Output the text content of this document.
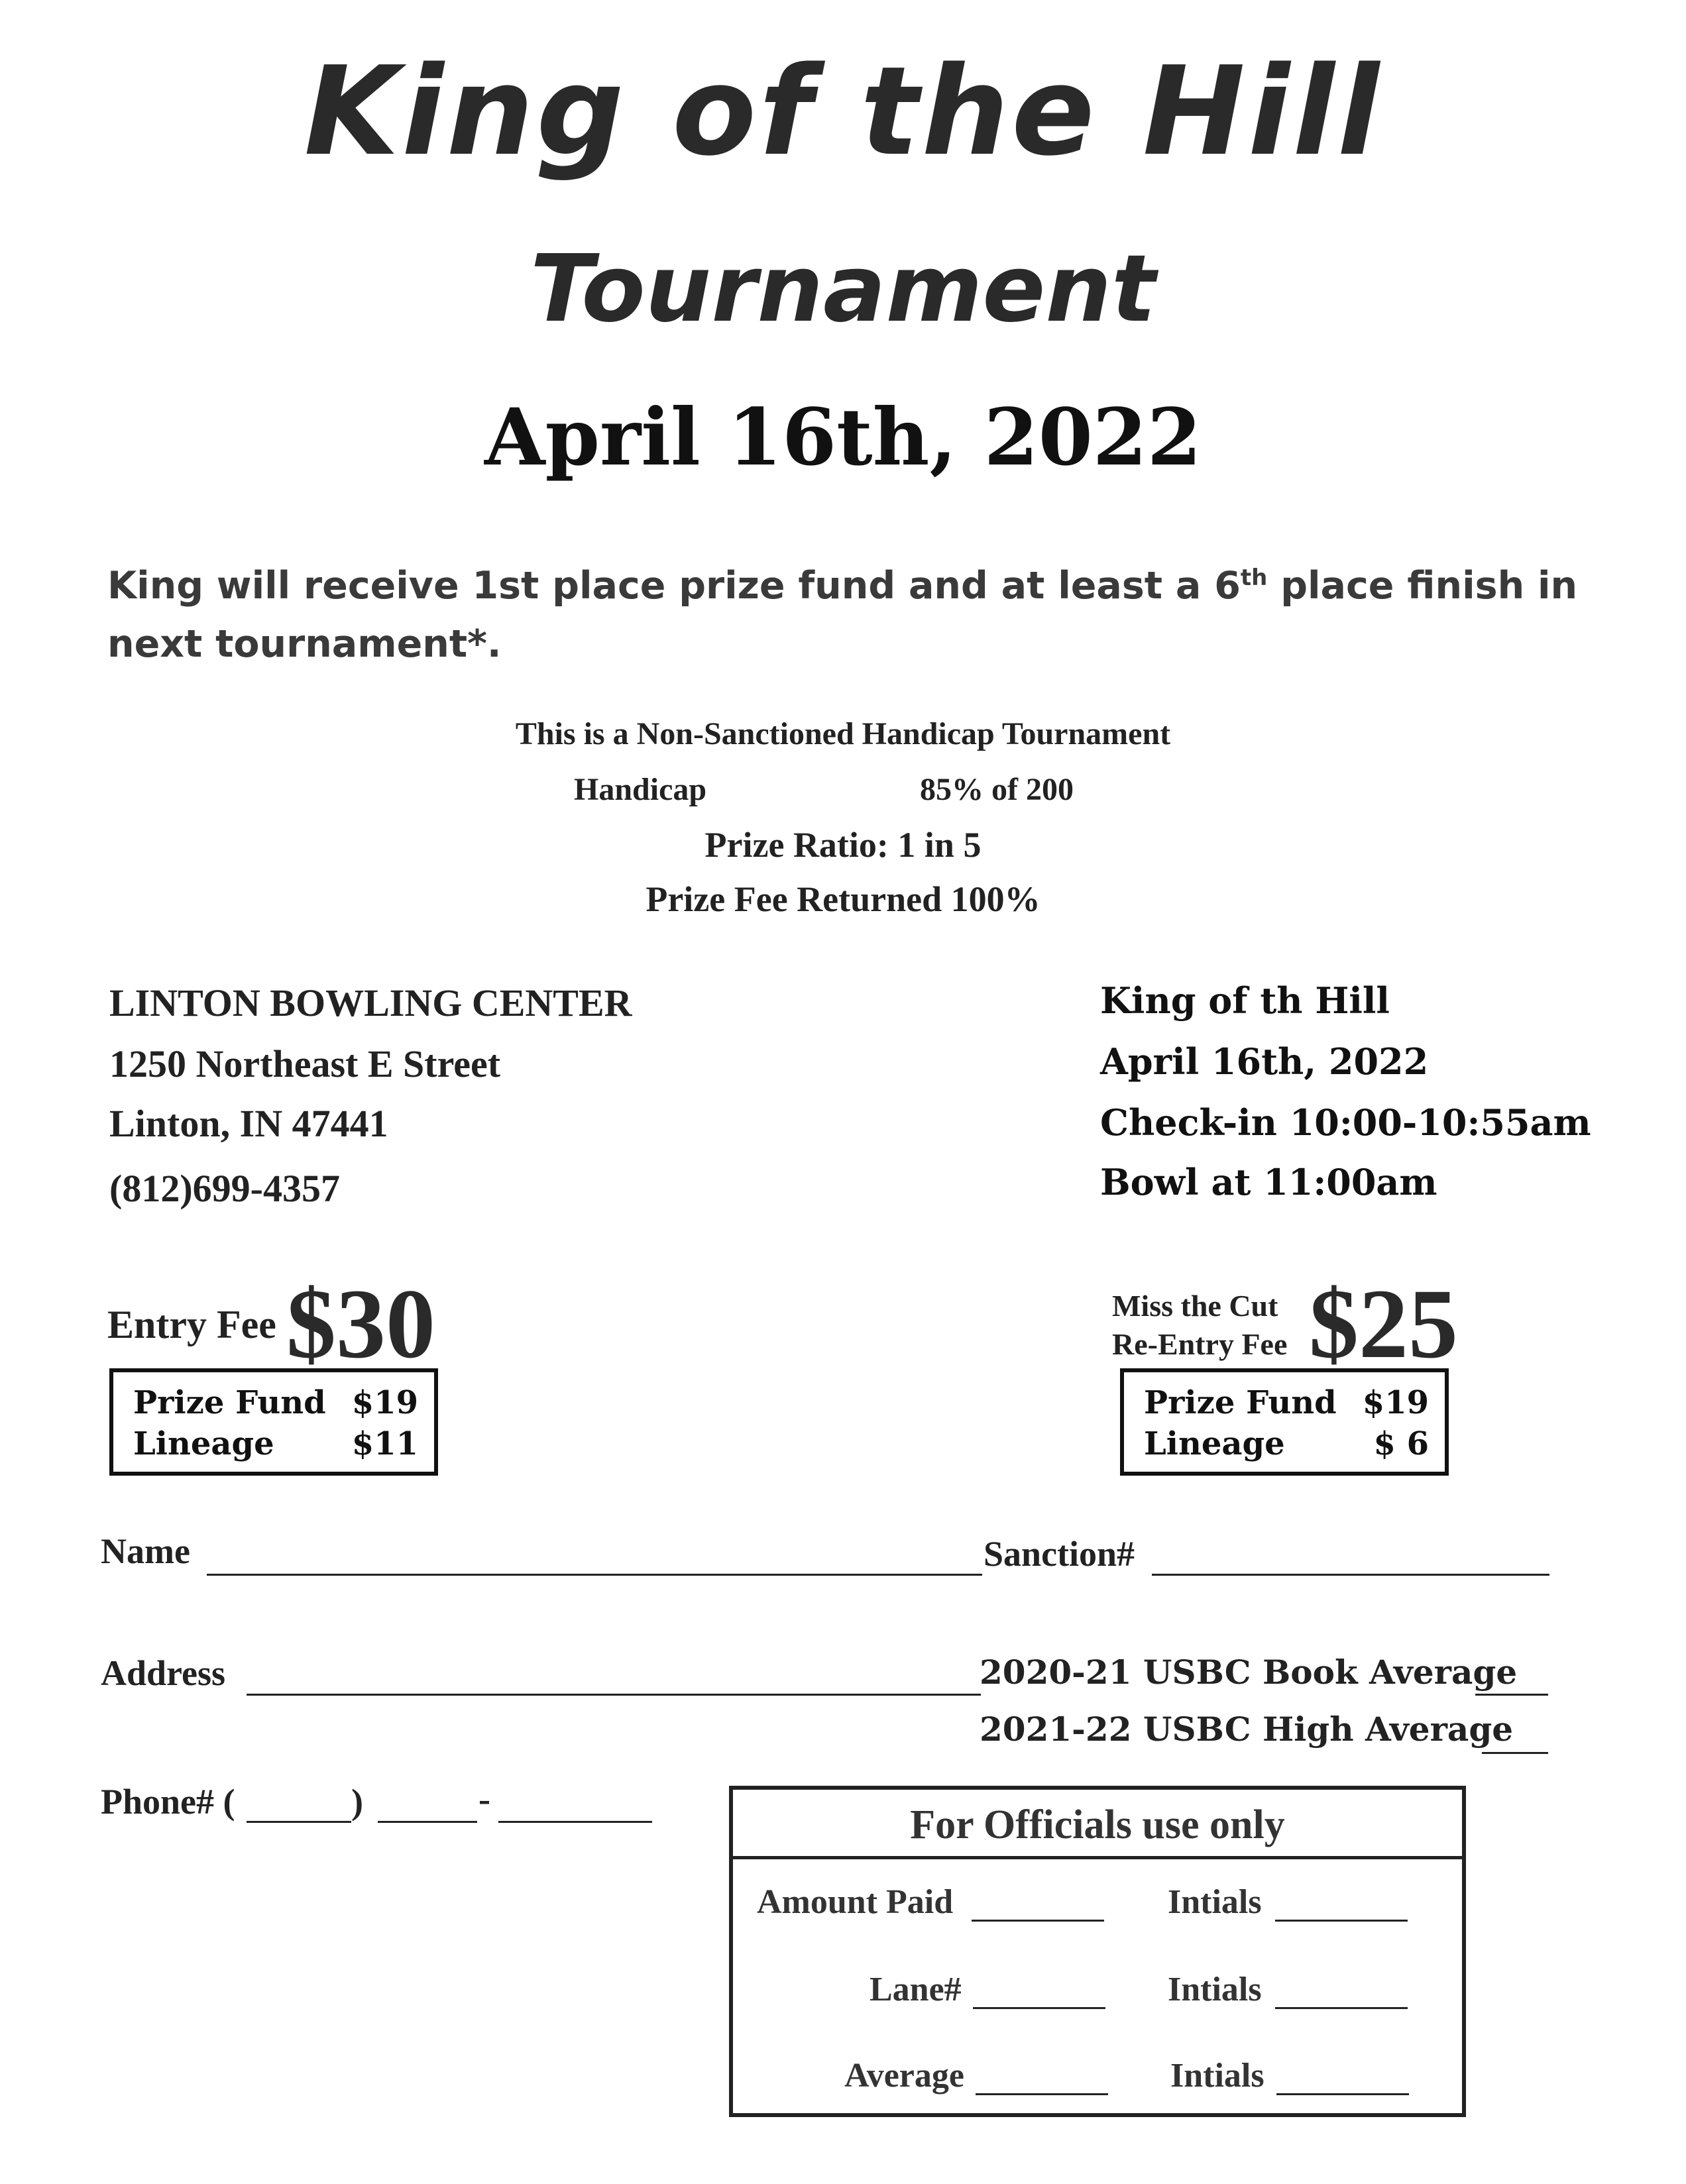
King of the Hill
Tournament
April 16th, 2022
King will receive 1st place prize fund and at least a 6th place finish in next tournament*.
This is a Non-Sanctioned Handicap Tournament
Handicap	85% of 200
Prize Ratio: 1 in 5
Prize Fee Returned 100%
LINTON BOWLING CENTER
1250 Northeast E Street
Linton, IN 47441
(812)699-4357
King of th Hill
April 16th, 2022
Check-in 10:00-10:55am
Bowl at 11:00am
Entry Fee $30
Prize Fund $19
Lineage $11
Miss the Cut
Re-Entry Fee $25
Prize Fund $19
Lineage	$ 6
Name	Sanction#
Address	2020-21 USBC Book Average
2021-22 USBC High Average
Phone# (	)	-
For Officials use only
Amount Paid	Intials
Lane#	Intials
Average	Intials
